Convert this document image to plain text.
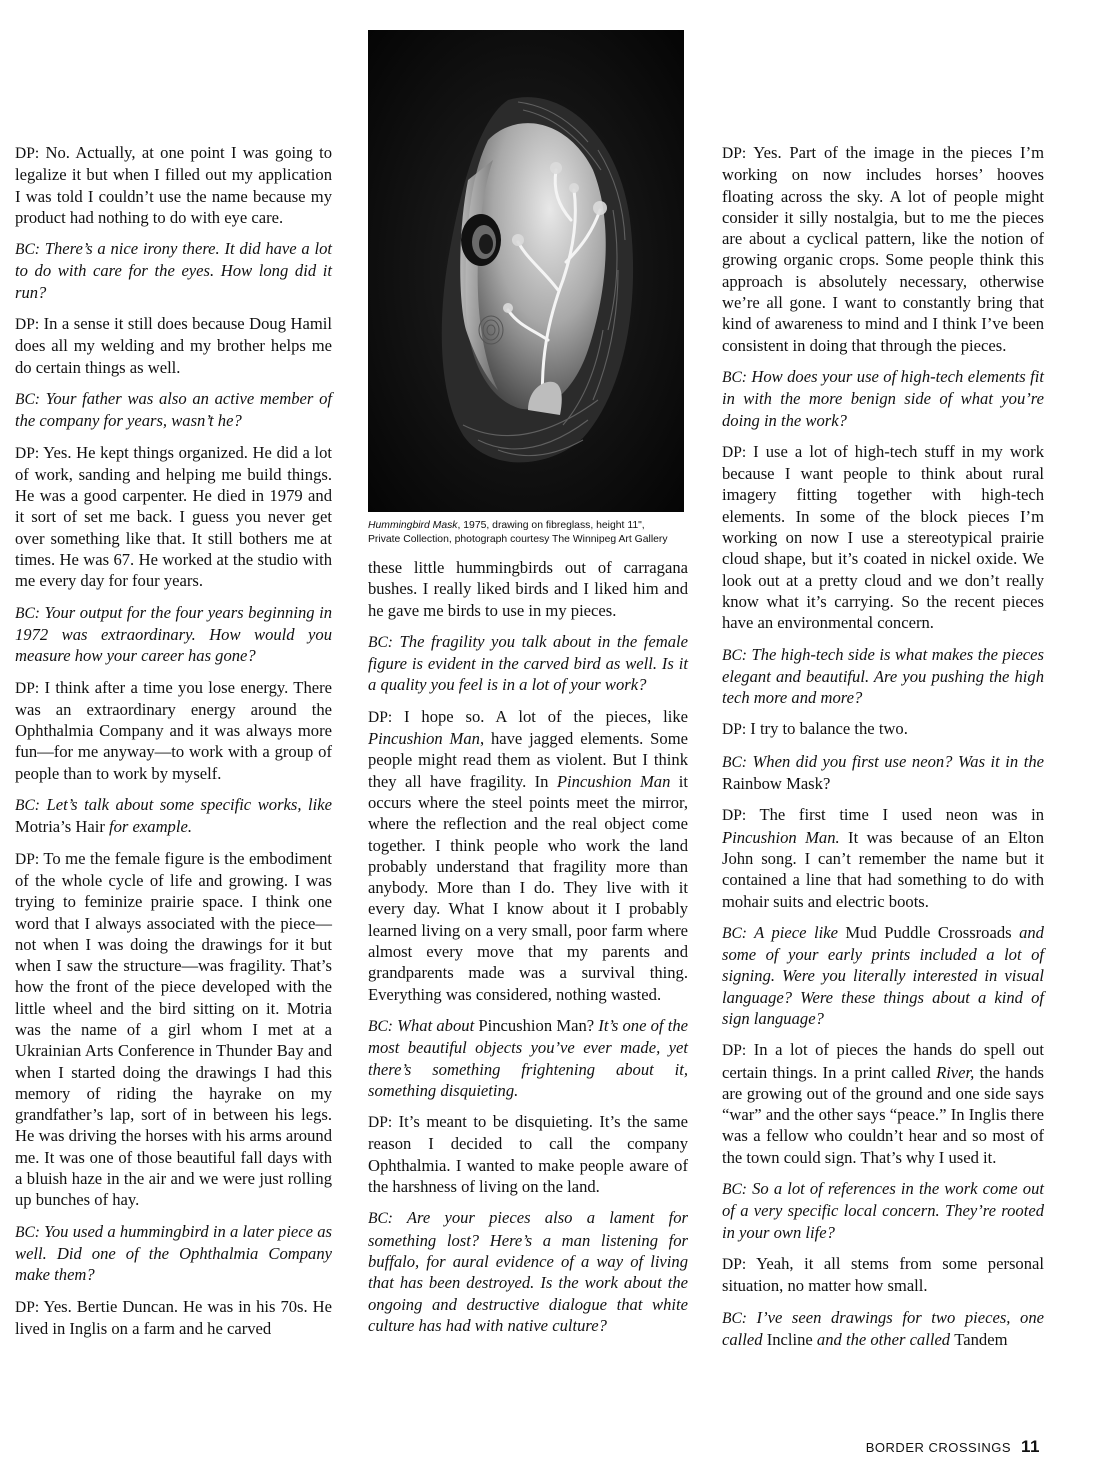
DP: No. Actually, at one point I was going to legalize it but when I filled out my application I was told I couldn’t use the name because my product had nothing to do with eye care.

BC: There’s a nice irony there. It did have a lot to do with care for the eyes. How long did it run?

DP: In a sense it still does because Doug Hamil does all my welding and my brother helps me do certain things as well.

BC: Your father was also an active member of the company for years, wasn’t he?

DP: Yes. He kept things organized. He did a lot of work, sanding and helping me build things. He was a good carpenter. He died in 1979 and it sort of set me back. I guess you never get over something like that. It still bothers me at times. He was 67. He worked at the studio with me every day for four years.

BC: Your output for the four years beginning in 1972 was extraordinary. How would you measure how your career has gone?

DP: I think after a time you lose energy. There was an extraordinary energy around the Ophthalmia Company and it was always more fun—for me anyway—to work with a group of people than to work by myself.

BC: Let’s talk about some specific works, like Motria’s Hair for example.

DP: To me the female figure is the embodiment of the whole cycle of life and growing. I was trying to feminize prairie space. I think one word that I always associated with the piece—not when I was doing the drawings for it but when I saw the structure—was fragility. That’s how the front of the piece developed with the little wheel and the bird sitting on it. Motria was the name of a girl whom I met at a Ukrainian Arts Conference in Thunder Bay and when I started doing the drawings I had this memory of riding the hayrake on my grandfather’s lap, sort of in between his legs. He was driving the horses with his arms around me. It was one of those beautiful fall days with a bluish haze in the air and we were just rolling up bunches of hay.

BC: You used a hummingbird in a later piece as well. Did one of the Ophthalmia Company make them?

DP: Yes. Bertie Duncan. He was in his 70s. He lived in Inglis on a farm and he carved

Hummingbird Mask, 1975, drawing on fibreglass, height 11",
Private Collection, photograph courtesy The Winnipeg Art Gallery

these little hummingbirds out of carragana bushes. I really liked birds and I liked him and he gave me birds to use in my pieces.

BC: The fragility you talk about in the female figure is evident in the carved bird as well. Is it a quality you feel is in a lot of your work?

DP: I hope so. A lot of the pieces, like Pincushion Man, have jagged elements. Some people might read them as violent. But I think they all have fragility. In Pincushion Man it occurs where the steel points meet the mirror, where the reflection and the real object come together. I think people who work the land probably understand that fragility more than anybody. More than I do. They live with it every day. What I know about it I probably learned living on a very small, poor farm where almost every move that my parents and grandparents made was a survival thing. Everything was considered, nothing wasted.

BC: What about Pincushion Man? It’s one of the most beautiful objects you’ve ever made, yet there’s something frightening about it, something disquieting.

DP: It’s meant to be disquieting. It’s the same reason I decided to call the company Ophthalmia. I wanted to make people aware of the harshness of living on the land.

BC: Are your pieces also a lament for something lost? Here’s a man listening for buffalo, for aural evidence of a way of living that has been destroyed. Is the work about the ongoing and destructive dialogue that white culture has had with native culture?

DP: Yes. Part of the image in the pieces I’m working on now includes horses’ hooves floating across the sky. A lot of people might consider it silly nostalgia, but to me the pieces are about a cyclical pattern, like the notion of growing organic crops. Some people think this approach is absolutely necessary, otherwise we’re all gone. I want to constantly bring that kind of awareness to mind and I think I’ve been consistent in doing that through the pieces.

BC: How does your use of high-tech elements fit in with the more benign side of what you’re doing in the work?

DP: I use a lot of high-tech stuff in my work because I want people to think about rural imagery fitting together with high-tech elements. In some of the block pieces I’m working on now I use a stereotypical prairie cloud shape, but it’s coated in nickel oxide. We look out at a pretty cloud and we don’t really know what it’s carrying. So the recent pieces have an environmental concern.

BC: The high-tech side is what makes the pieces elegant and beautiful. Are you pushing the high tech more and more?

DP: I try to balance the two.

BC: When did you first use neon? Was it in the Rainbow Mask?

DP: The first time I used neon was in Pincushion Man. It was because of an Elton John song. I can’t remember the name but it contained a line that had something to do with mohair suits and electric boots.

BC: A piece like Mud Puddle Crossroads and some of your early prints included a lot of signing. Were you literally interested in visual language? Were these things about a kind of sign language?

DP: In a lot of pieces the hands do spell out certain things. In a print called River, the hands are growing out of the ground and one side says “war” and the other says “peace.” In Inglis there was a fellow who couldn’t hear and so most of the town could sign. That’s why I used it.

BC: So a lot of references in the work come out of a very specific local concern. They’re rooted in your own life?

DP: Yeah, it all stems from some personal situation, no matter how small.

BC: I’ve seen drawings for two pieces, one called Incline and the other called Tandem

BORDER CROSSINGS 11
